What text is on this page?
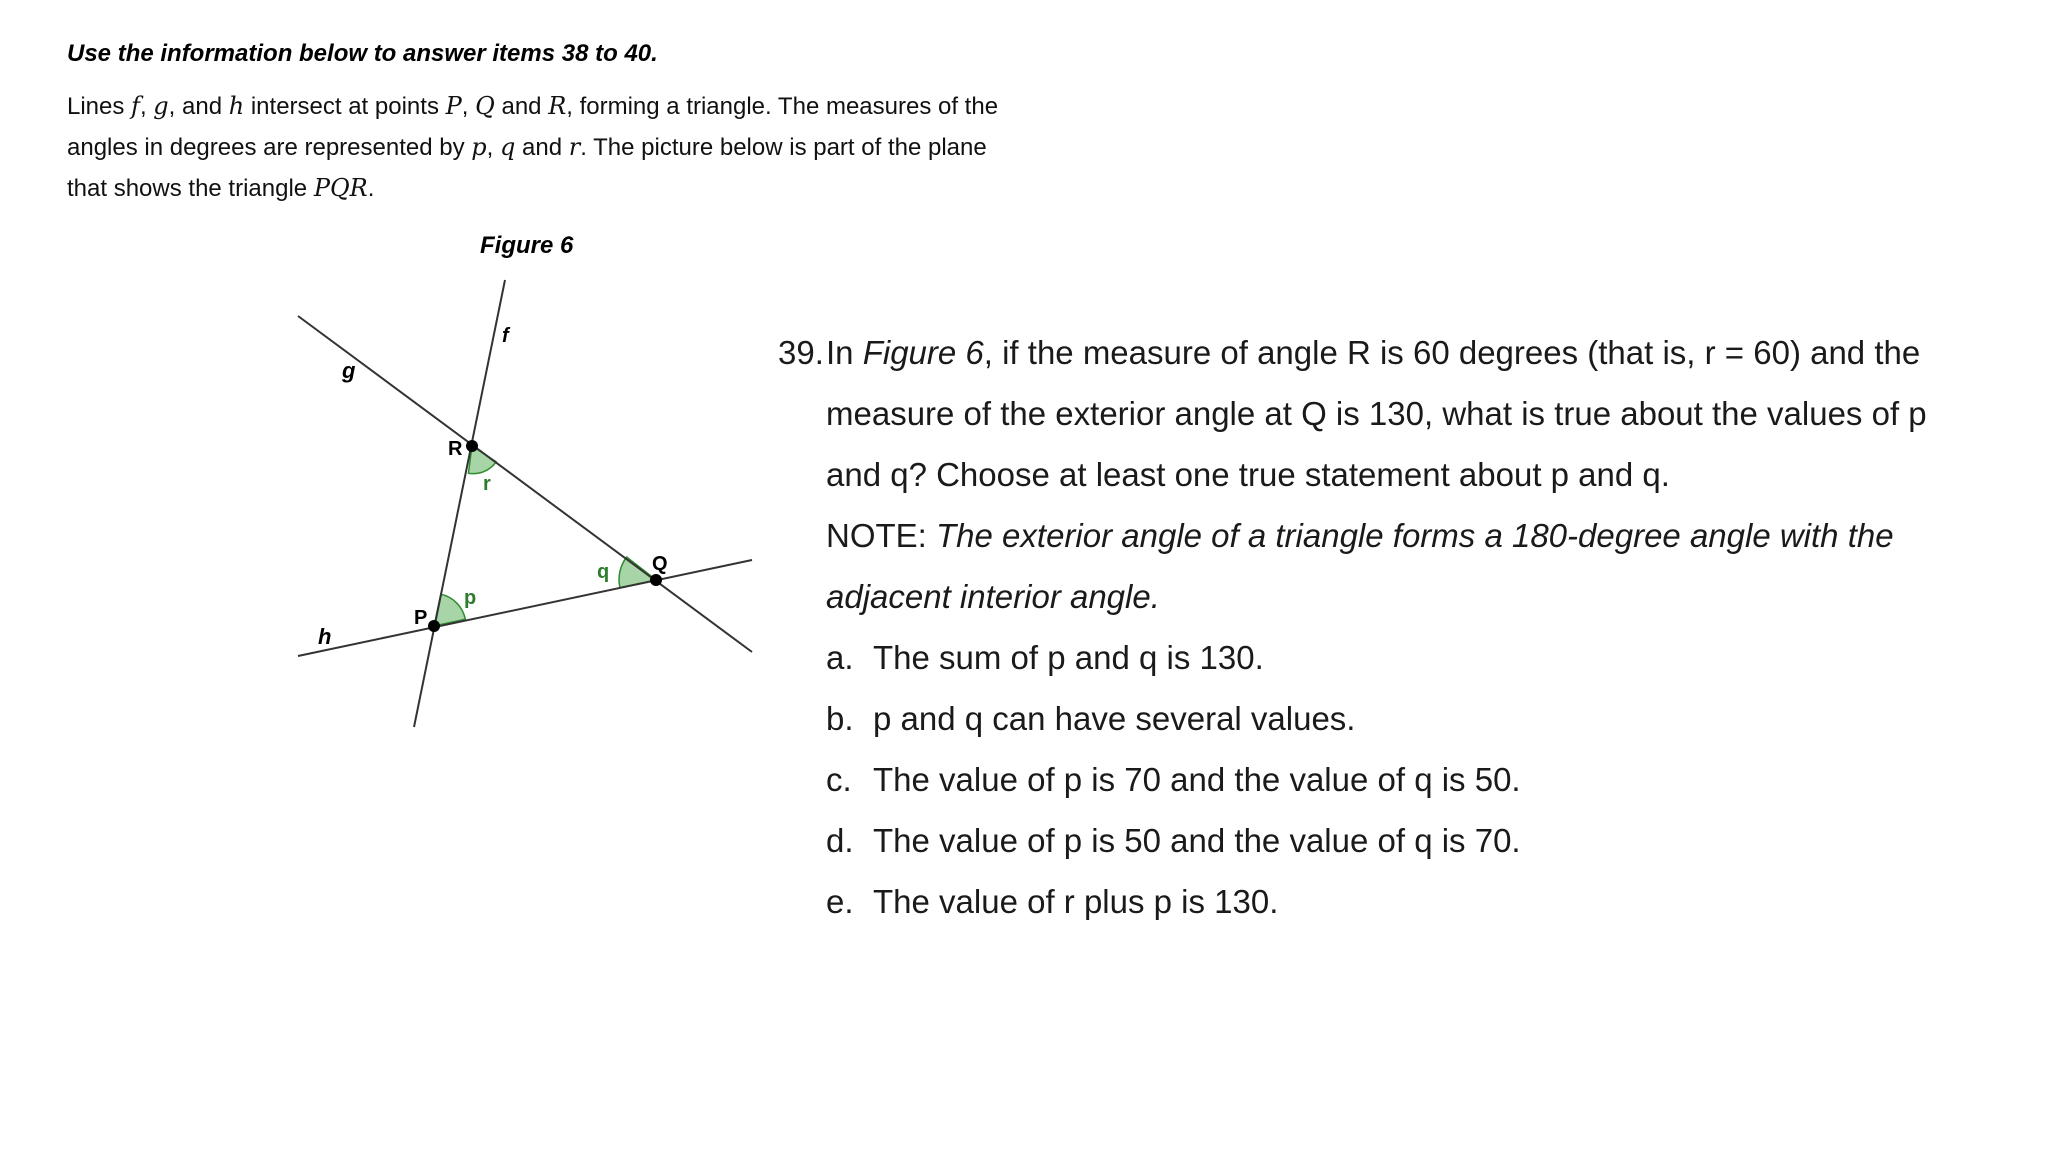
Use the information below to answer items 38 to 40.
Lines f, g, and h intersect at points P, Q and R, forming a triangle. The measures of the angles in degrees are represented by p, q and r. The picture below is part of the plane that shows the triangle PQR.
Figure 6
f
g
h
R
P
Q
r
p
q
39. In Figure 6, if the measure of angle R is 60 degrees (that is, r = 60) and the measure of the exterior angle at Q is 130, what is true about the values of p and q? Choose at least one true statement about p and q.
NOTE: The exterior angle of a triangle forms a 180-degree angle with the adjacent interior angle.
a. The sum of p and q is 130.
b. p and q can have several values.
c. The value of p is 70 and the value of q is 50.
d. The value of p is 50 and the value of q is 70.
e. The value of r plus p is 130.
